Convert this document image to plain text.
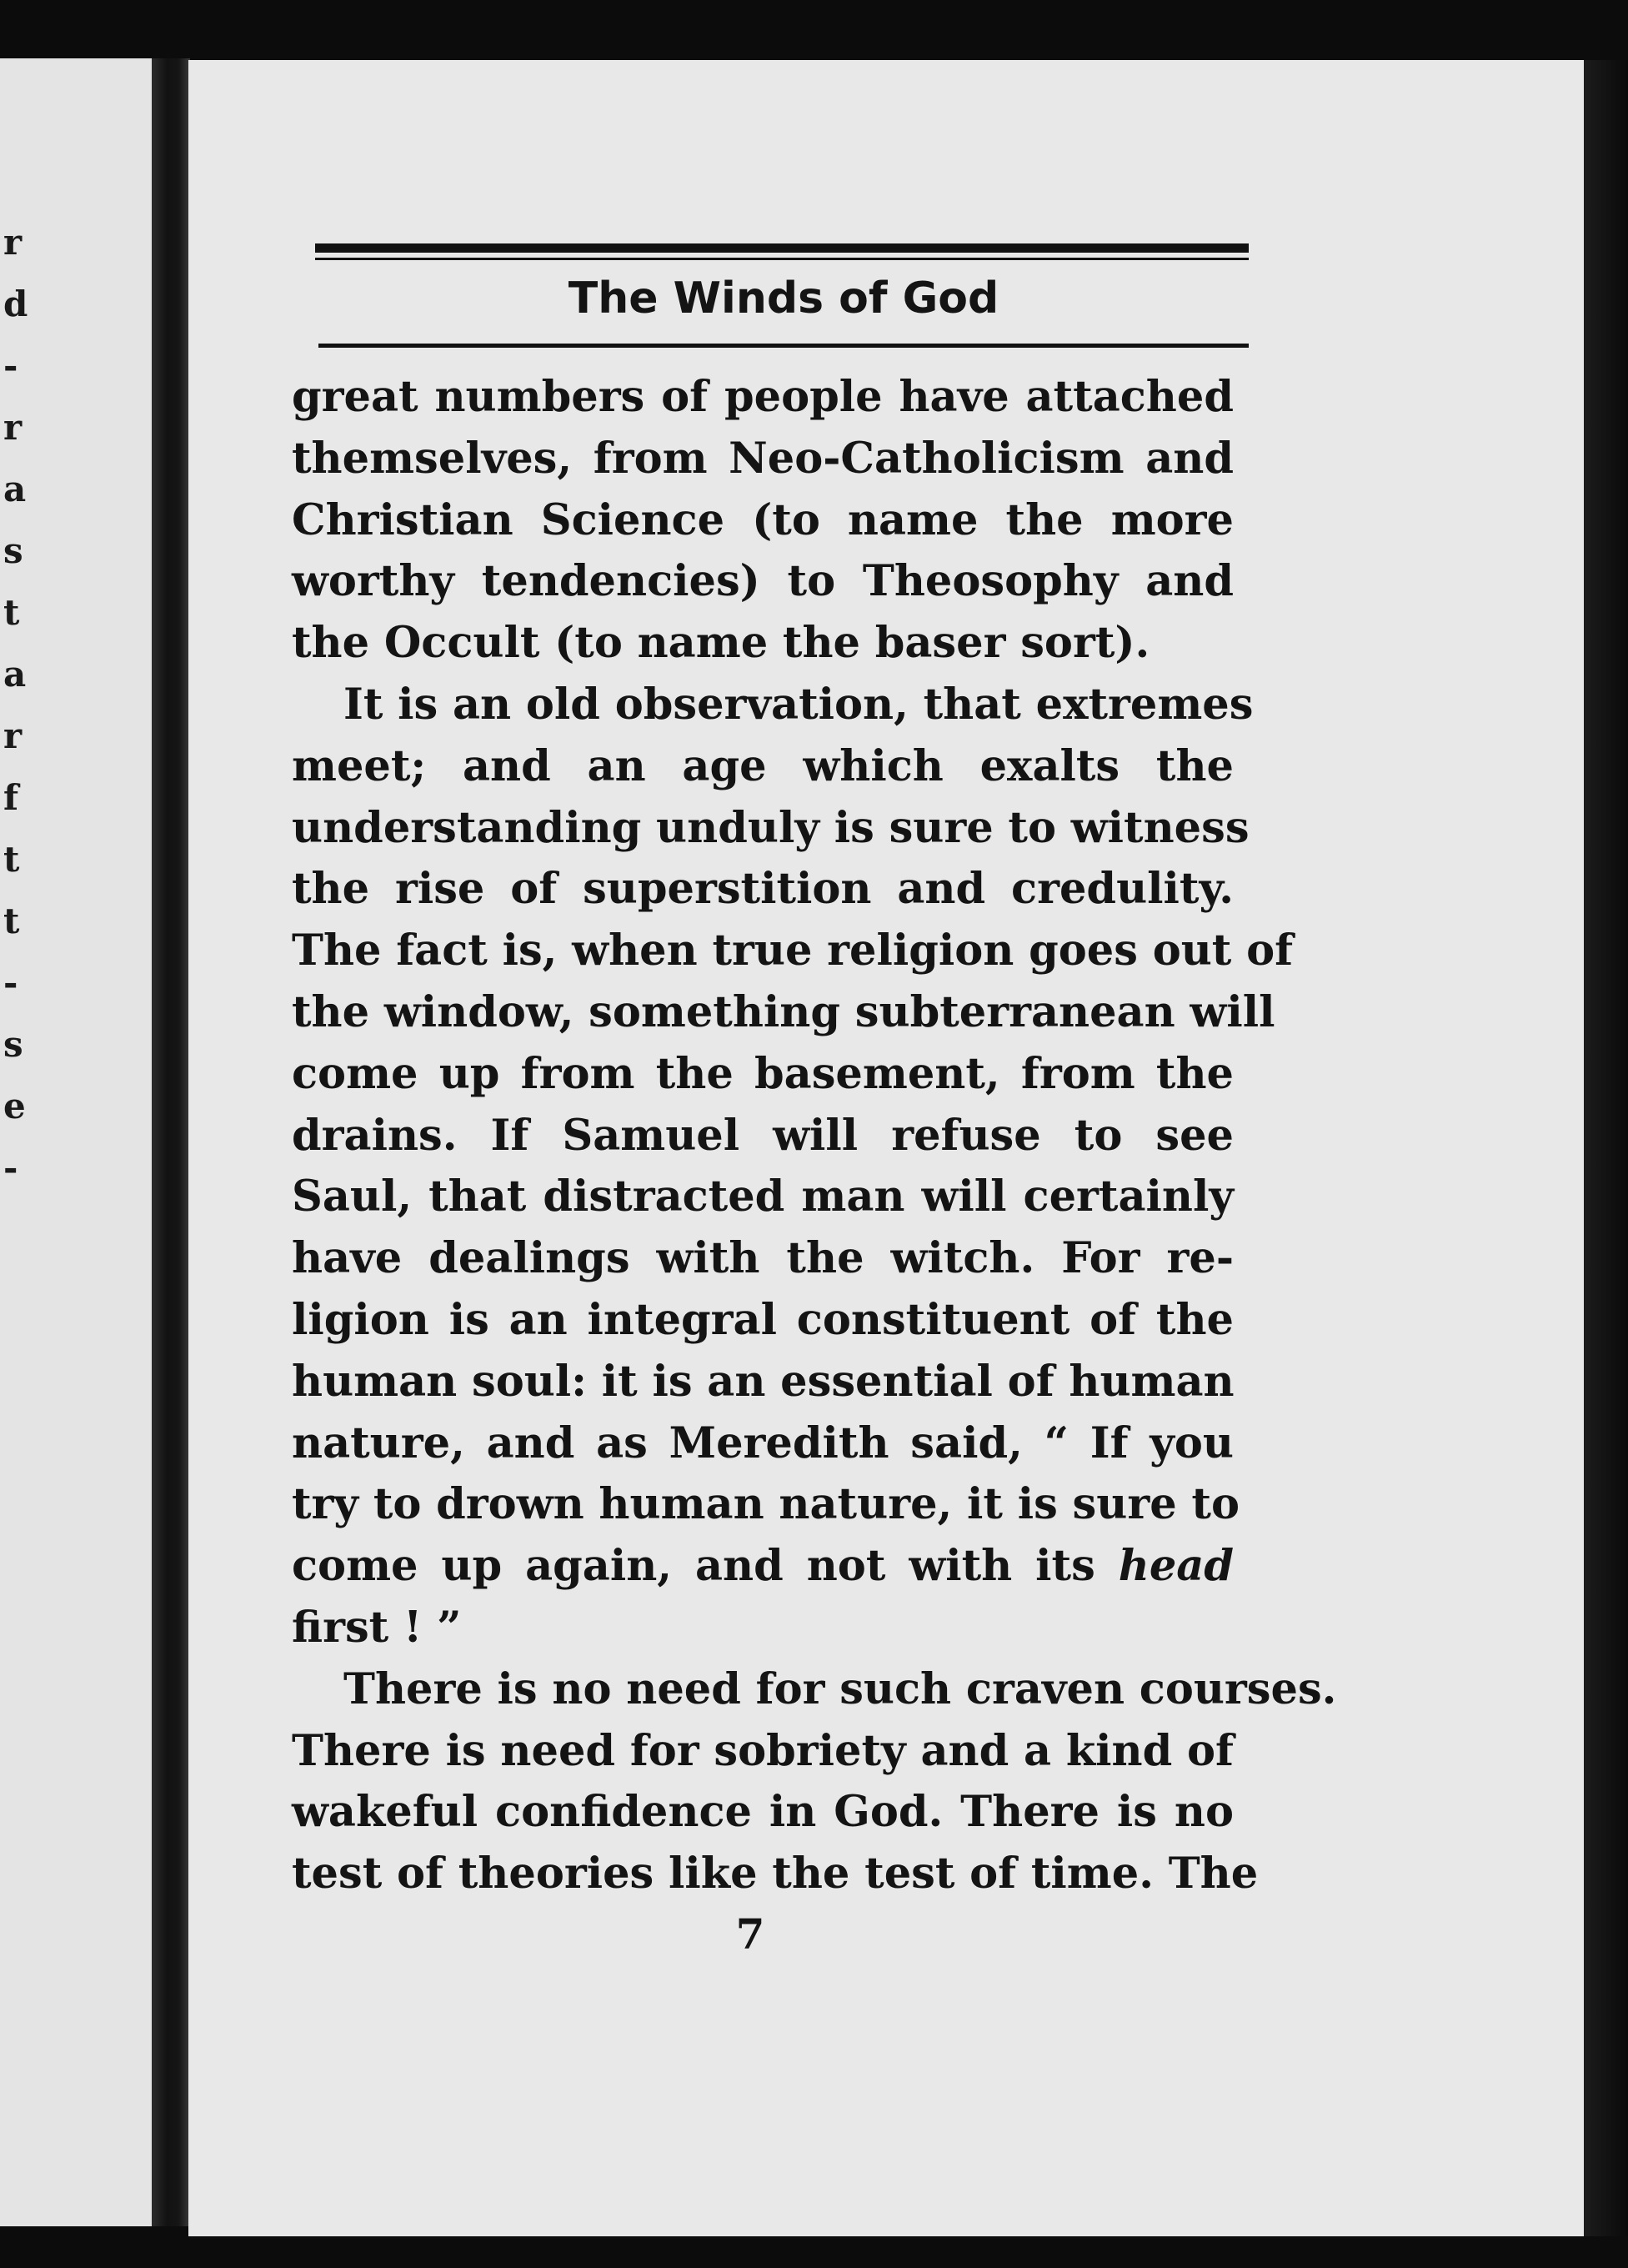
r
d
-
r
a
s
t
a
r
f
t
t
-
s
e
-
The Winds of God
great numbers of people have attached
themselves, from Neo-Catholicism and
Christian Science (to name the more
worthy tendencies) to Theosophy and
the Occult (to name the baser sort).
It is an old observation, that extremes
meet; and an age which exalts the
understanding unduly is sure to witness
the rise of superstition and credulity.
The fact is, when true religion goes out of
the window, something subterranean will
come up from the basement, from the
drains. If Samuel will refuse to see
Saul, that distracted man will certainly
have dealings with the witch. For re-
ligion is an integral constituent of the
human soul: it is an essential of human
nature, and as Meredith said, “ If you
try to drown human nature, it is sure to
come up again, and not with its head
first ! ”
There is no need for such craven courses.
There is need for sobriety and a kind of
wakeful confidence in God. There is no
test of theories like the test of time. The
7
